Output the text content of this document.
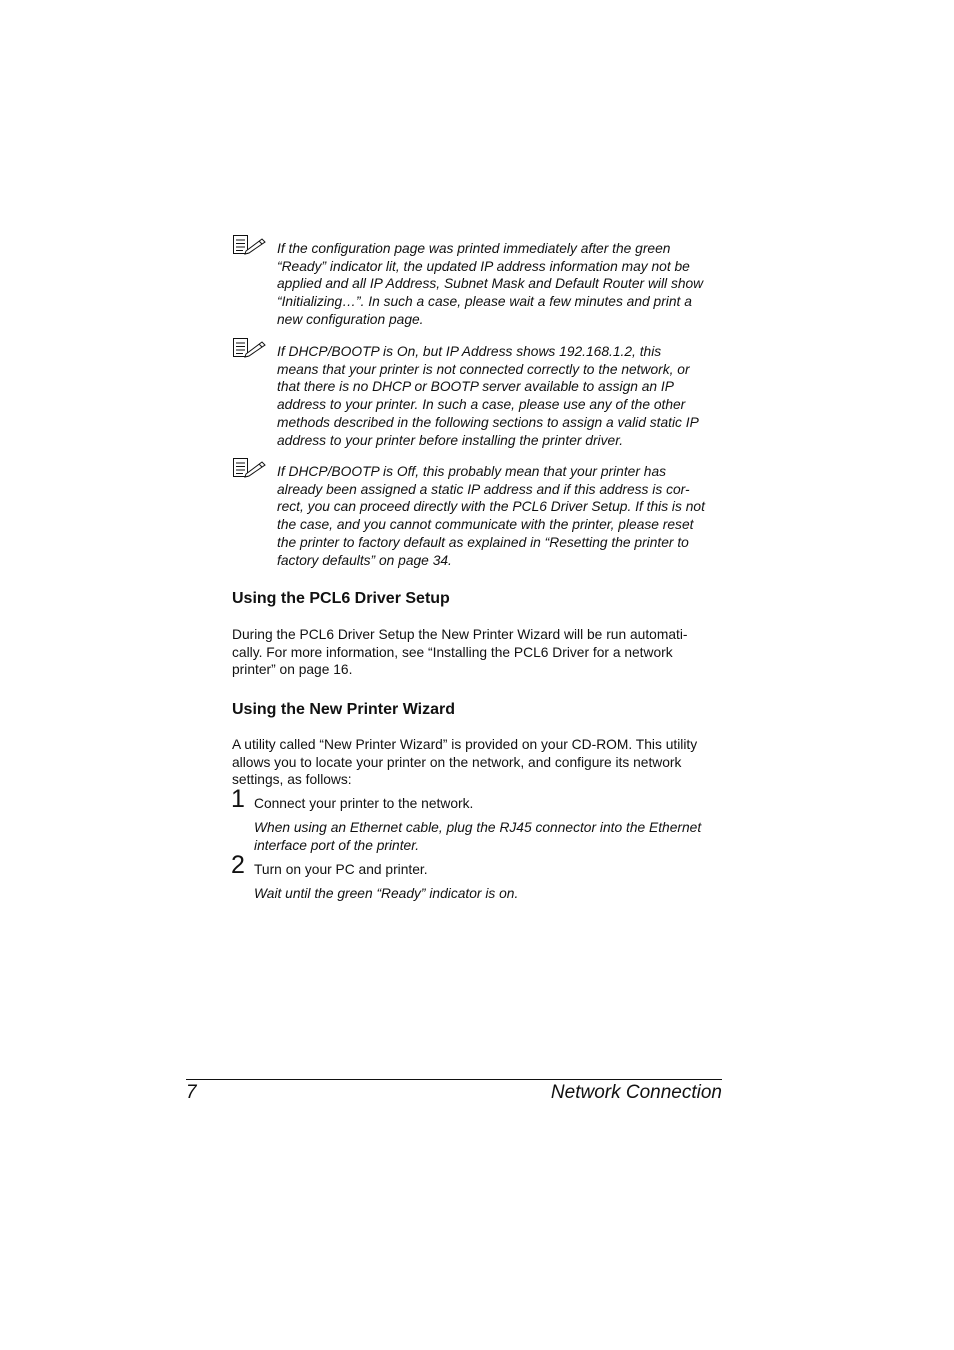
If the configuration page was printed immediately after the green
“Ready” indicator lit, the updated IP address information may not be
applied and all IP Address, Subnet Mask and Default Router will show
“Initializing…”. In such a case, please wait a few minutes and print a
new configuration page.
If DHCP/BOOTP is On, but IP Address shows 192.168.1.2, this
means that your printer is not connected correctly to the network, or
that there is no DHCP or BOOTP server available to assign an IP
address to your printer. In such a case, please use any of the other
methods described in the following sections to assign a valid static IP
address to your printer before installing the printer driver.
If DHCP/BOOTP is Off, this probably mean that your printer has
already been assigned a static IP address and if this address is cor-
rect, you can proceed directly with the PCL6 Driver Setup. If this is not
the case, and you cannot communicate with the printer, please reset
the printer to factory default as explained in “Resetting the printer to
factory defaults” on page 34.
Using the PCL6 Driver Setup

During the PCL6 Driver Setup the New Printer Wizard will be run automati-
cally. For more information, see “Installing the PCL6 Driver for a network
printer” on page 16.

Using the New Printer Wizard

A utility called “New Printer Wizard” is provided on your CD-ROM. This utility
allows you to locate your printer on the network, and configure its network
settings, as follows:

1 Connect your printer to the network.
When using an Ethernet cable, plug the RJ45 connector into the Ethernet
interface port of the printer.
2 Turn on your PC and printer.
Wait until the green “Ready” indicator is on.
7	Network Connection
